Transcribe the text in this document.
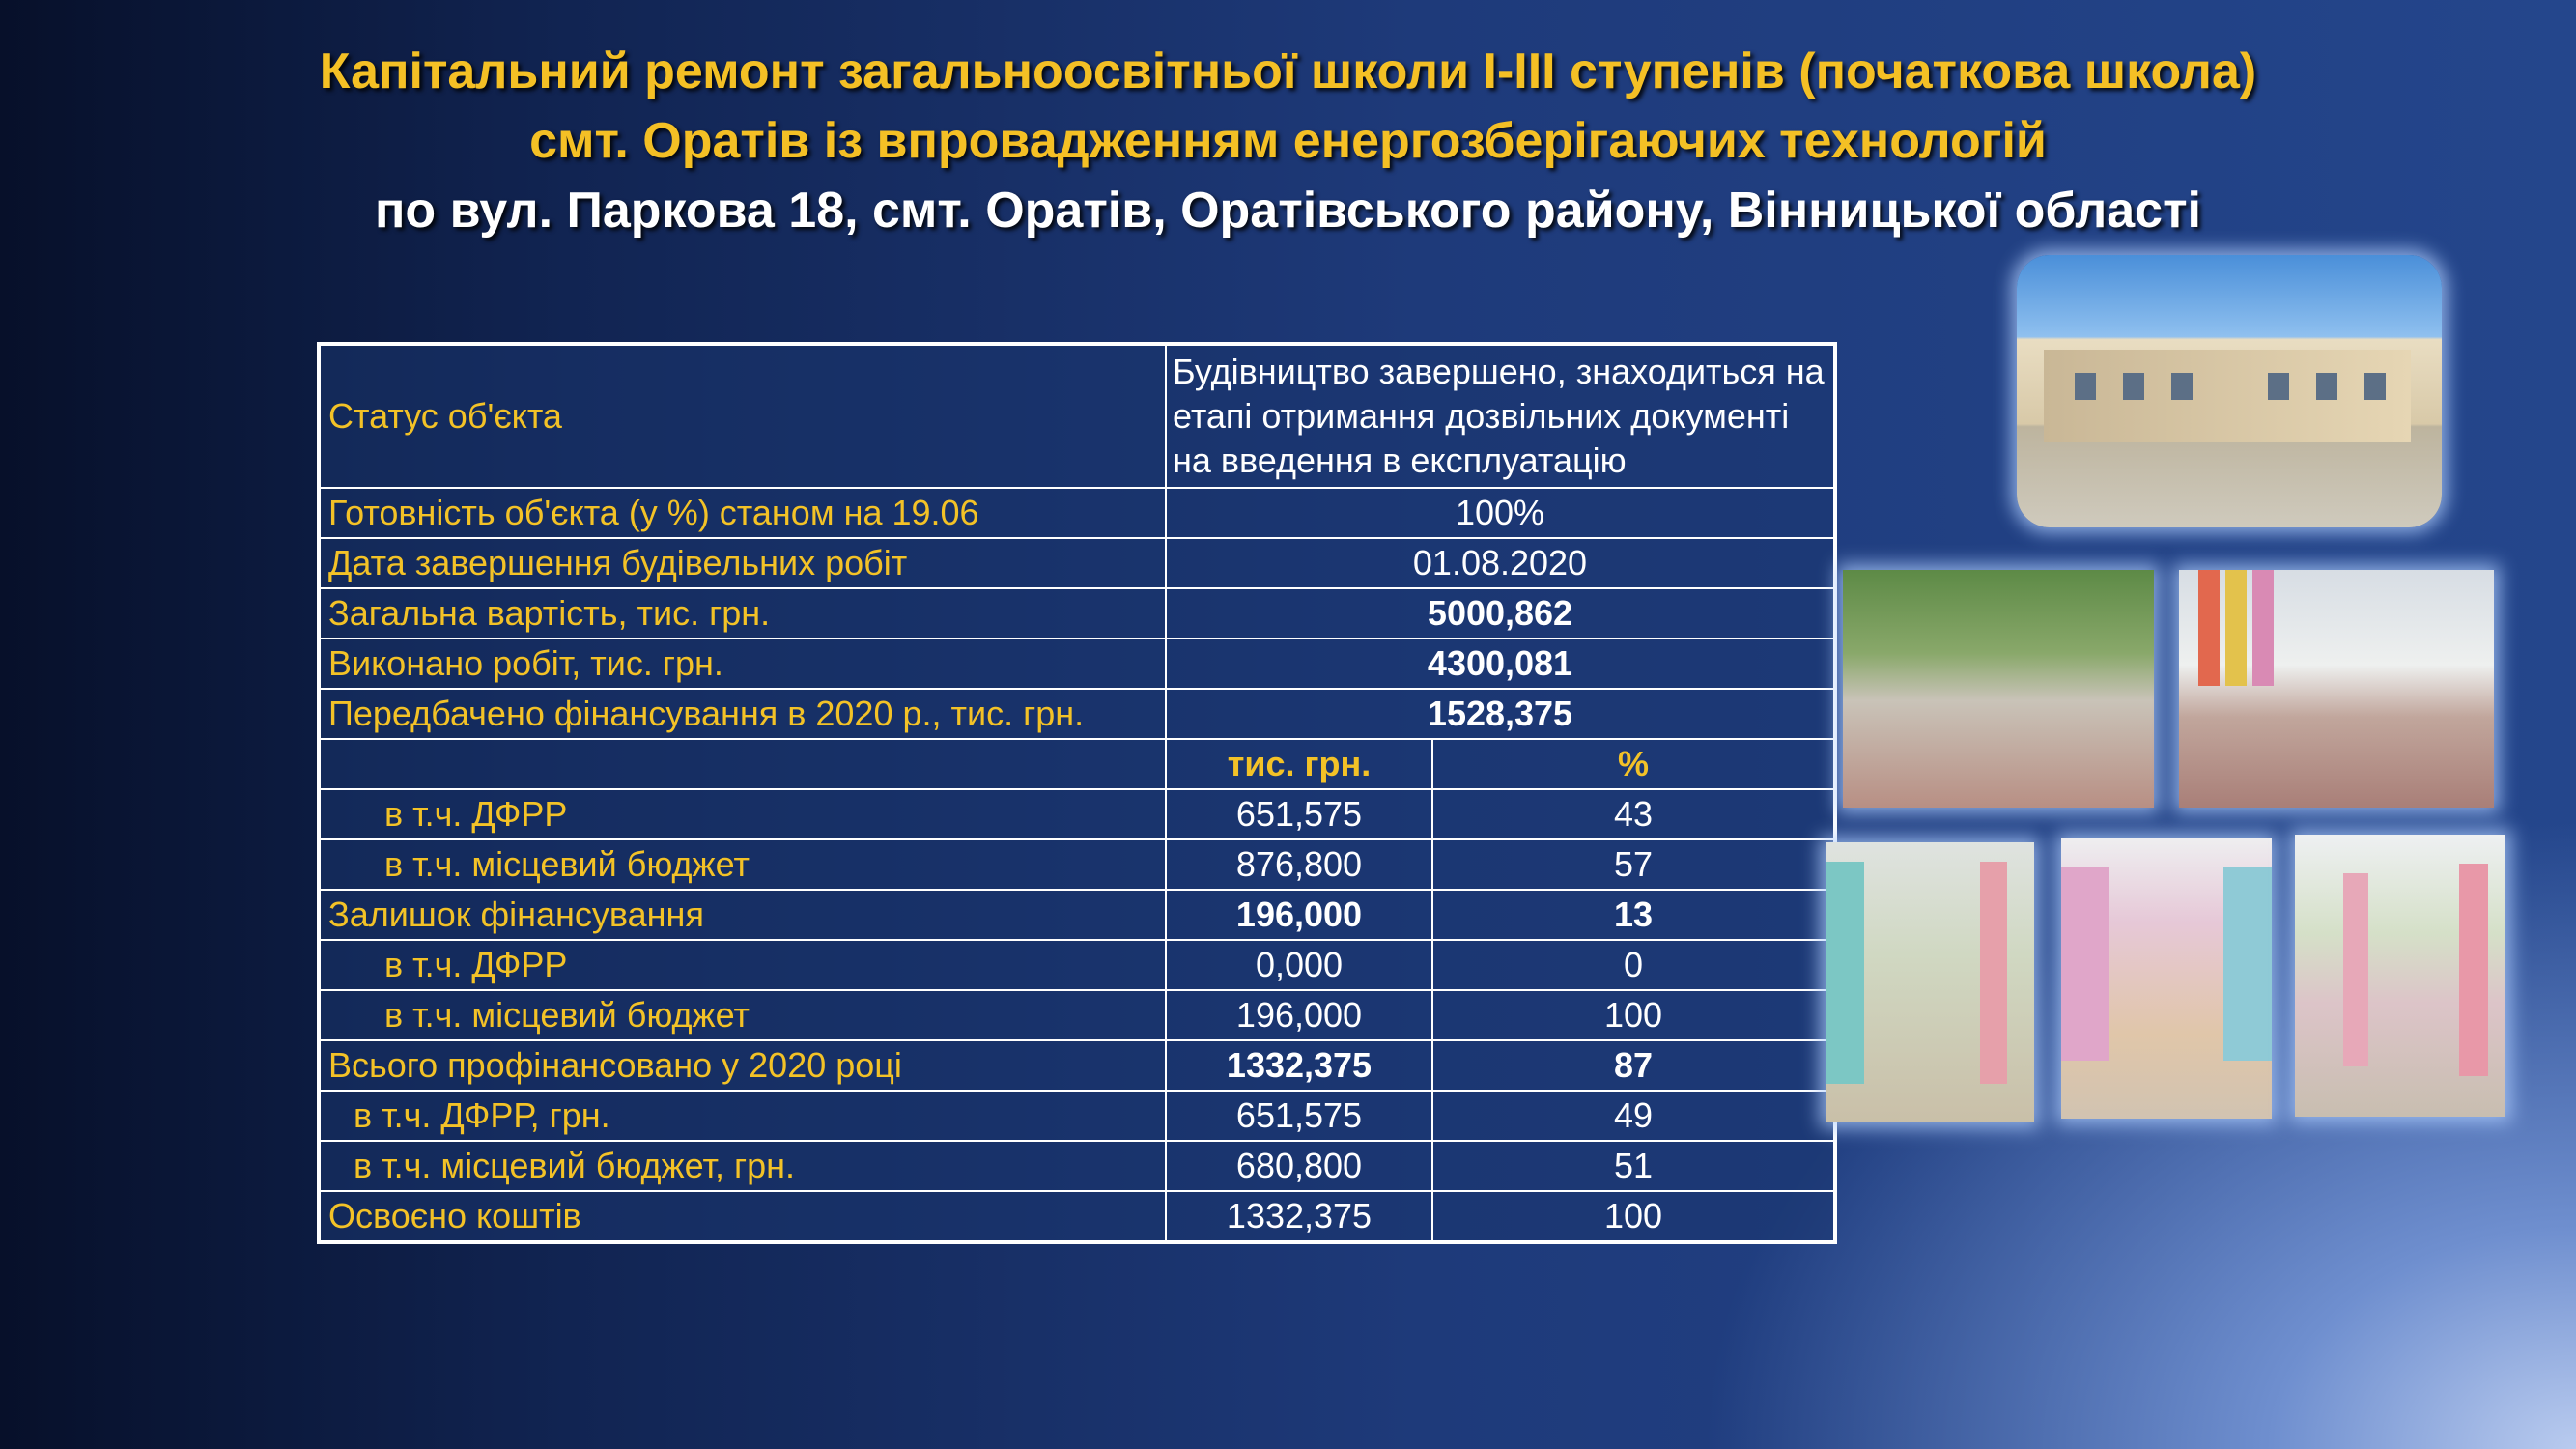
Капітальний ремонт загальноосвітньої школи І-ІІІ ступенів (початкова школа)
смт. Оратів із впровадженням енергозберігаючих технологій
по вул. Паркова 18, смт. Оратів, Оратівського району, Вінницької області
Статус об'єкта	Будівництво завершено, знаходиться на етапі отримання дозвільних документі на введення в експлуатацію	
Готовність об'єкта (у %) станом на 19.06	100%	
Дата завершення будівельних робіт	01.08.2020	
Загальна вартість, тис. грн.	5000,862	
Виконано робіт, тис. грн.	4300,081	
Передбачено фінансування в 2020 р., тис. грн.	1528,375	
	тис. грн.	%
в т.ч. ДФРР	651,575	43
в т.ч. місцевий бюджет	876,800	57
Залишок фінансування	196,000	13
в т.ч. ДФРР	0,000	0
в т.ч. місцевий бюджет	196,000	100
Всього профінансовано у 2020 році	1332,375	87
в т.ч. ДФРР, грн.	651,575	49
в т.ч. місцевий бюджет, грн.	680,800	51
Освоєно коштів	1332,375	100
